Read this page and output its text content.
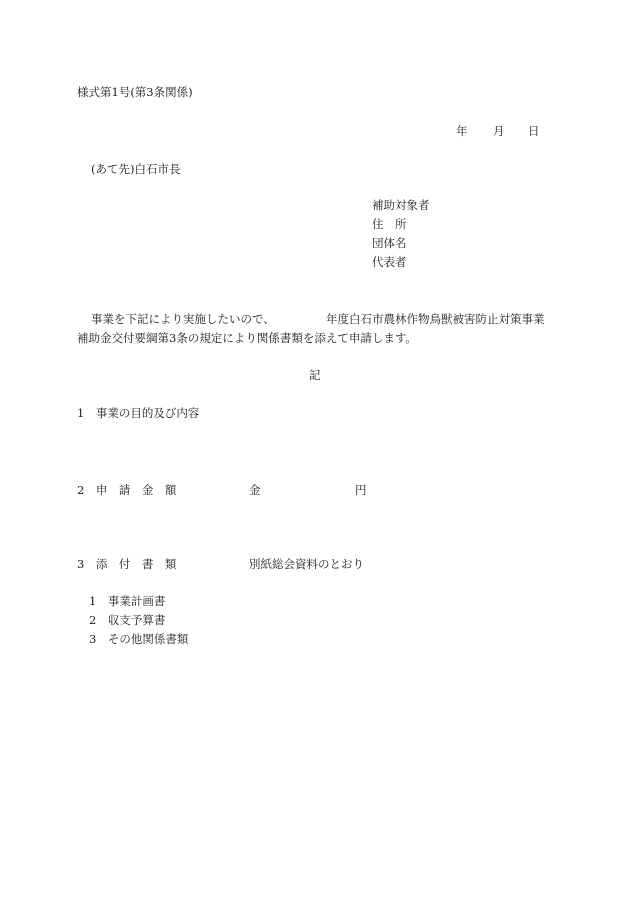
様式第1号(第3条関係)
年 月 日
(あて先)白石市長
補助対象者
住　所
団体名
代表者
事業を下記により実施したいので、	年度白石市農林作物鳥獣被害防止対策事業
補助金交付要綱第3条の規定により関係書類を添えて申請します。
記
1　事業の目的及び内容
2　申　請　金　額	金	円
3　添　付　書　類	別紙総会資料のとおり
1　事業計画書
2　収支予算書
3　その他関係書類
